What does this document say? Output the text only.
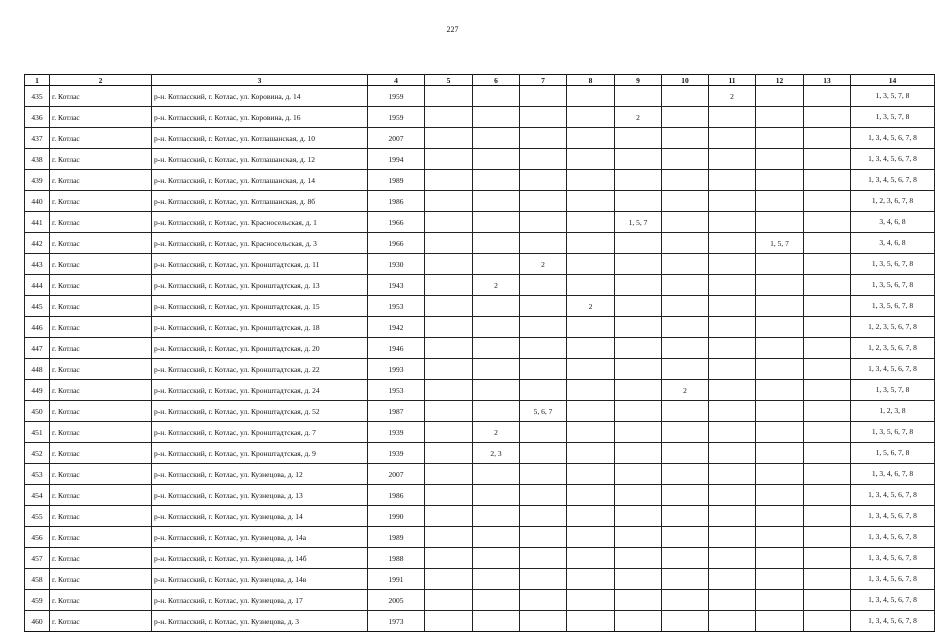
227
1	2	3	4	5	6	7	8	9	10	11	12	13	14
435	г. Котлас	р-н. Котласский, г. Котлас, ул. Коровина, д. 14	1959							2			1, 3, 5, 7, 8
436	г. Котлас	р-н. Котласский, г. Котлас, ул. Коровина, д. 16	1959					2					1, 3, 5, 7, 8
437	г. Котлас	р-н. Котласский, г. Котлас, ул. Котлашанская, д. 10	2007										1, 3, 4, 5, 6, 7, 8
438	г. Котлас	р-н. Котласский, г. Котлас, ул. Котлашанская, д. 12	1994										1, 3, 4, 5, 6, 7, 8
439	г. Котлас	р-н. Котласский, г. Котлас, ул. Котлашанская, д. 14	1989										1, 3, 4, 5, 6, 7, 8
440	г. Котлас	р-н. Котласский, г. Котлас, ул. Котлашанская, д. 8б	1986										1, 2, 3, 6, 7, 8
441	г. Котлас	р-н. Котласский, г. Котлас, ул. Красносельская, д. 1	1966					1, 5, 7					3, 4, 6, 8
442	г. Котлас	р-н. Котласский, г. Котлас, ул. Красносельская, д. 3	1966								1, 5, 7		3, 4, 6, 8
443	г. Котлас	р-н. Котласский, г. Котлас, ул. Кронштадтская, д. 11	1930			2							1, 3, 5, 6, 7, 8
444	г. Котлас	р-н. Котласский, г. Котлас, ул. Кронштадтская, д. 13	1943		2								1, 3, 5, 6, 7, 8
445	г. Котлас	р-н. Котласский, г. Котлас, ул. Кронштадтская, д. 15	1953				2						1, 3, 5, 6, 7, 8
446	г. Котлас	р-н. Котласский, г. Котлас, ул. Кронштадтская, д. 18	1942										1, 2, 3, 5, 6, 7, 8
447	г. Котлас	р-н. Котласский, г. Котлас, ул. Кронштадтская, д. 20	1946										1, 2, 3, 5, 6, 7, 8
448	г. Котлас	р-н. Котласский, г. Котлас, ул. Кронштадтская, д. 22	1993										1, 3, 4, 5, 6, 7, 8
449	г. Котлас	р-н. Котласский, г. Котлас, ул. Кронштадтская, д. 24	1953						2				1, 3, 5, 7, 8
450	г. Котлас	р-н. Котласский, г. Котлас, ул. Кронштадтская, д. 52	1987			5, 6, 7							1, 2, 3, 8
451	г. Котлас	р-н. Котласский, г. Котлас, ул. Кронштадтская, д. 7	1939		2								1, 3, 5, 6, 7, 8
452	г. Котлас	р-н. Котласский, г. Котлас, ул. Кронштадтская, д. 9	1939		2, 3								1, 5, 6, 7, 8
453	г. Котлас	р-н. Котласский, г. Котлас, ул. Кузнецова, д. 12	2007										1, 3, 4, 6, 7, 8
454	г. Котлас	р-н. Котласский, г. Котлас, ул. Кузнецова, д. 13	1986										1, 3, 4, 5, 6, 7, 8
455	г. Котлас	р-н. Котласский, г. Котлас, ул. Кузнецова, д. 14	1990										1, 3, 4, 5, 6, 7, 8
456	г. Котлас	р-н. Котласский, г. Котлас, ул. Кузнецова, д. 14а	1989										1, 3, 4, 5, 6, 7, 8
457	г. Котлас	р-н. Котласский, г. Котлас, ул. Кузнецова, д. 14б	1988										1, 3, 4, 5, 6, 7, 8
458	г. Котлас	р-н. Котласский, г. Котлас, ул. Кузнецова, д. 14в	1991										1, 3, 4, 5, 6, 7, 8
459	г. Котлас	р-н. Котласский, г. Котлас, ул. Кузнецова, д. 17	2005										1, 3, 4, 5, 6, 7, 8
460	г. Котлас	р-н. Котласский, г. Котлас, ул. Кузнецова, д. 3	1973										1, 3, 4, 5, 6, 7, 8
